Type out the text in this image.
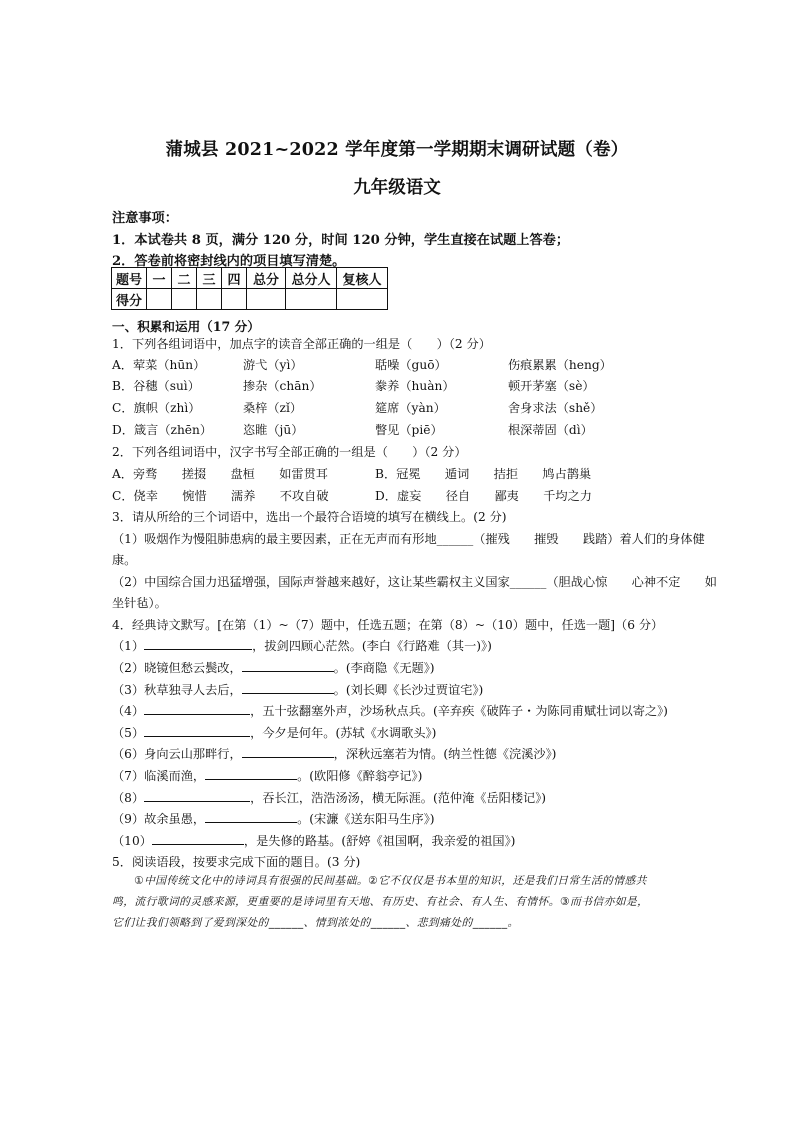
蒲城县 2021~2022 学年度第一学期期末调研试题（卷）
九年级语文
注意事项：
1．本试卷共 8 页，满分 120 分，时间 120 分钟，学生直接在试题上答卷；
2．答卷前将密封线内的项目填写清楚。
题号	一	二	三	四	总分	总分人	复核人
得分							
一、积累和运用（17 分）
1．下列各组词语中，加点字的读音全部正确的一组是（　　）（2 分）
A．荤菜（hūn）	游弋（yì）	聒噪（guō）	伤痕累累（heng）
B．谷穗（suì）	掺杂（chān）	豢养（huàn）	顿开茅塞（sè）
C．旗帜（zhì）	桑梓（zǐ）	筵席（yàn）	舍身求法（shě）
D．箴言（zhēn）	恣睢（jū）	瞥见（piē）	根深蒂固（dì）
2．下列各组词语中，汉字书写全部正确的一组是（　　）（2 分）
A．旁骛　　搓掇　　盘桓　　如雷贯耳	B．冠冕　　遁词　　拮拒　　鸠占鹊巢
C．侥幸　　惋惜　　濡养　　不攻自破	D．虚妄　　径自　　鄙夷　　千均之力
3．请从所给的三个词语中，选出一个最符合语境的填写在横线上。(2 分)
（1）吸烟作为慢阻肺患病的最主要因素，正在无声而有形地______（摧残　　摧毁　　践踏）着人们的身体健
康。
（2）中国综合国力迅猛增强，国际声誉越来越好，这让某些霸权主义国家______（胆战心惊　　心神不定　　如
坐针毡）。
4．经典诗文默写。[在第（1）~（7）题中，任选五题；在第（8）~（10）题中，任选一题]（6 分）
（1）	，拔剑四顾心茫然。(李白《行路难（其一)》)
（2）晓镜但愁云鬓改，	。(李商隐《无题》)
（3）秋草独寻人去后，	。(刘长卿《长沙过贾谊宅》)
（4）	，五十弦翻塞外声，沙场秋点兵。(辛弃疾《破阵子・为陈同甫赋壮词以寄之》)
（5）	，今夕是何年。(苏轼《水调歌头》)
（6）身向云山那畔行，	，深秋远塞若为情。(纳兰性德《浣溪沙》)
（7）临溪而渔，	。(欧阳修《醉翁亭记》)
（8）	，吞长江，浩浩汤汤，横无际涯。(范仲淹《岳阳楼记》)
（9）故余虽愚，	。(宋濂《送东阳马生序》)
（10）	，是失修的路基。(舒婷《祖国啊，我亲爱的祖国》)
5．阅读语段，按要求完成下面的题目。(3 分)
①中国传统文化中的诗词具有很强的民间基础。②它不仅仅是书本里的知识，还是我们日常生活的情感共
鸣，流行歌词的灵感来源，更重要的是诗词里有天地、有历史、有社会、有人生、有情怀。③而书信亦如是，
它们让我们领略到了爱到深处的______、情到浓处的______、悲到痛处的______。
